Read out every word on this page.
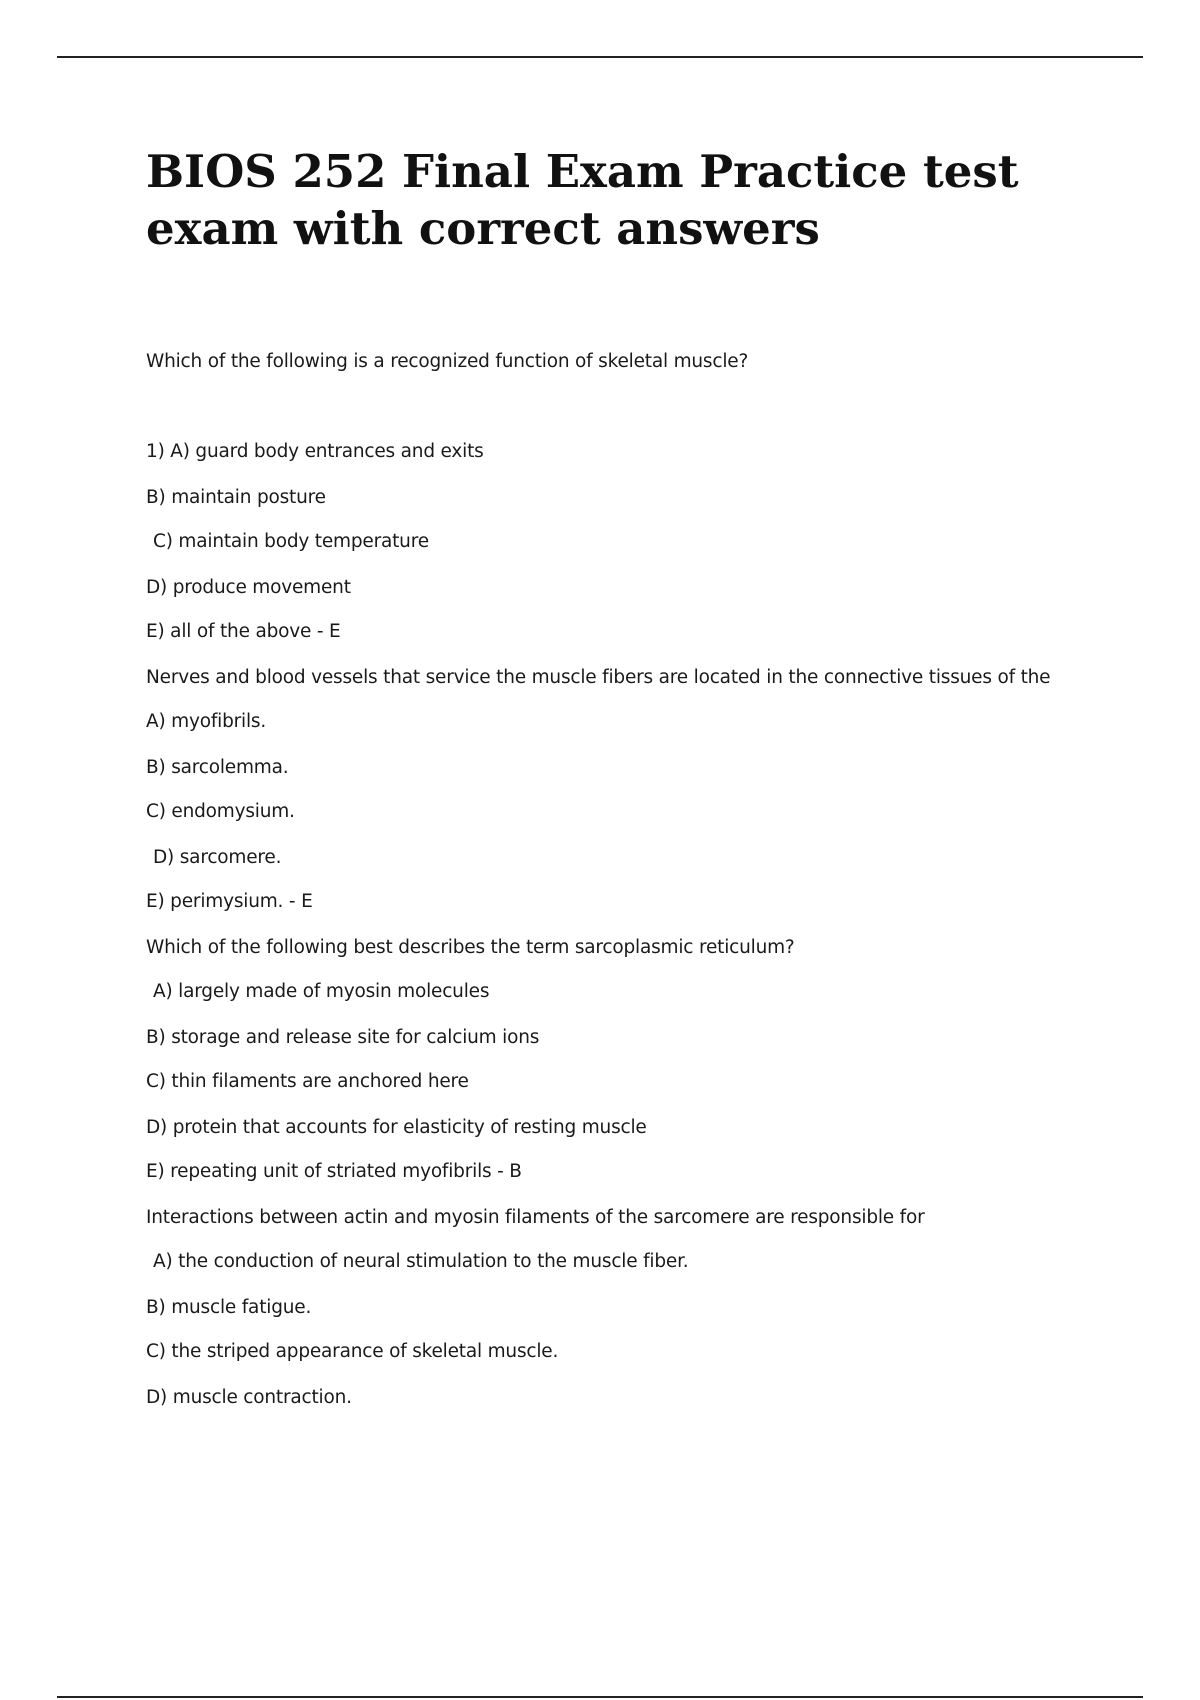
BIOS 252 Final Exam Practice test exam with correct answers

Which of the following is a recognized function of skeletal muscle?

1) A) guard body entrances and exits

B) maintain posture

C) maintain body temperature

D) produce movement

E) all of the above - E

Nerves and blood vessels that service the muscle fibers are located in the connective tissues of the

A) myofibrils.

B) sarcolemma.

C) endomysium.

D) sarcomere.

E) perimysium. - E

Which of the following best describes the term sarcoplasmic reticulum?

A) largely made of myosin molecules

B) storage and release site for calcium ions

C) thin filaments are anchored here

D) protein that accounts for elasticity of resting muscle

E) repeating unit of striated myofibrils - B

Interactions between actin and myosin filaments of the sarcomere are responsible for

A) the conduction of neural stimulation to the muscle fiber.

B) muscle fatigue.

C) the striped appearance of skeletal muscle.

D) muscle contraction.
